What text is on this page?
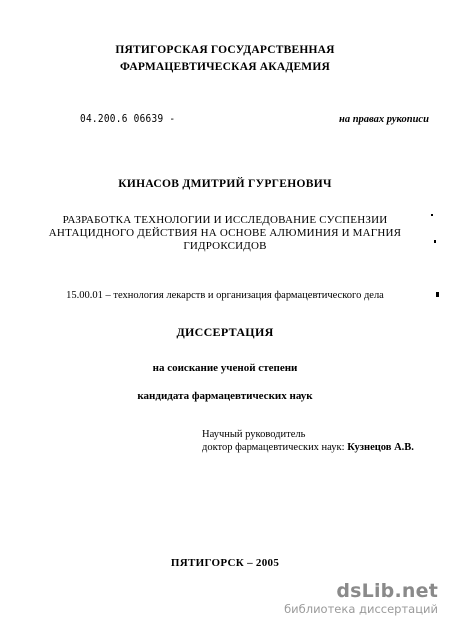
ПЯТИГОРСКАЯ ГОСУДАРСТВЕННАЯ
ФАРМАЦЕВТИЧЕСКАЯ АКАДЕМИЯ
04.200.6 06639 -	на правах рукописи
КИНАСОВ ДМИТРИЙ ГУРГЕНОВИЧ
РАЗРАБОТКА ТЕХНОЛОГИИ И ИССЛЕДОВАНИЕ СУСПЕНЗИИ
АНТАЦИДНОГО ДЕЙСТВИЯ НА ОСНОВЕ АЛЮМИНИЯ И МАГНИЯ
ГИДРОКСИДОВ
15.00.01 – технология лекарств и организация фармацевтического дела
ДИССЕРТАЦИЯ
на соискание ученой степени
кандидата фармацевтических наук
Научный руководитель
доктор фармацевтических наук: Кузнецов А.В.
ПЯТИГОРСК – 2005
dsLib.net
библиотека диссертаций
